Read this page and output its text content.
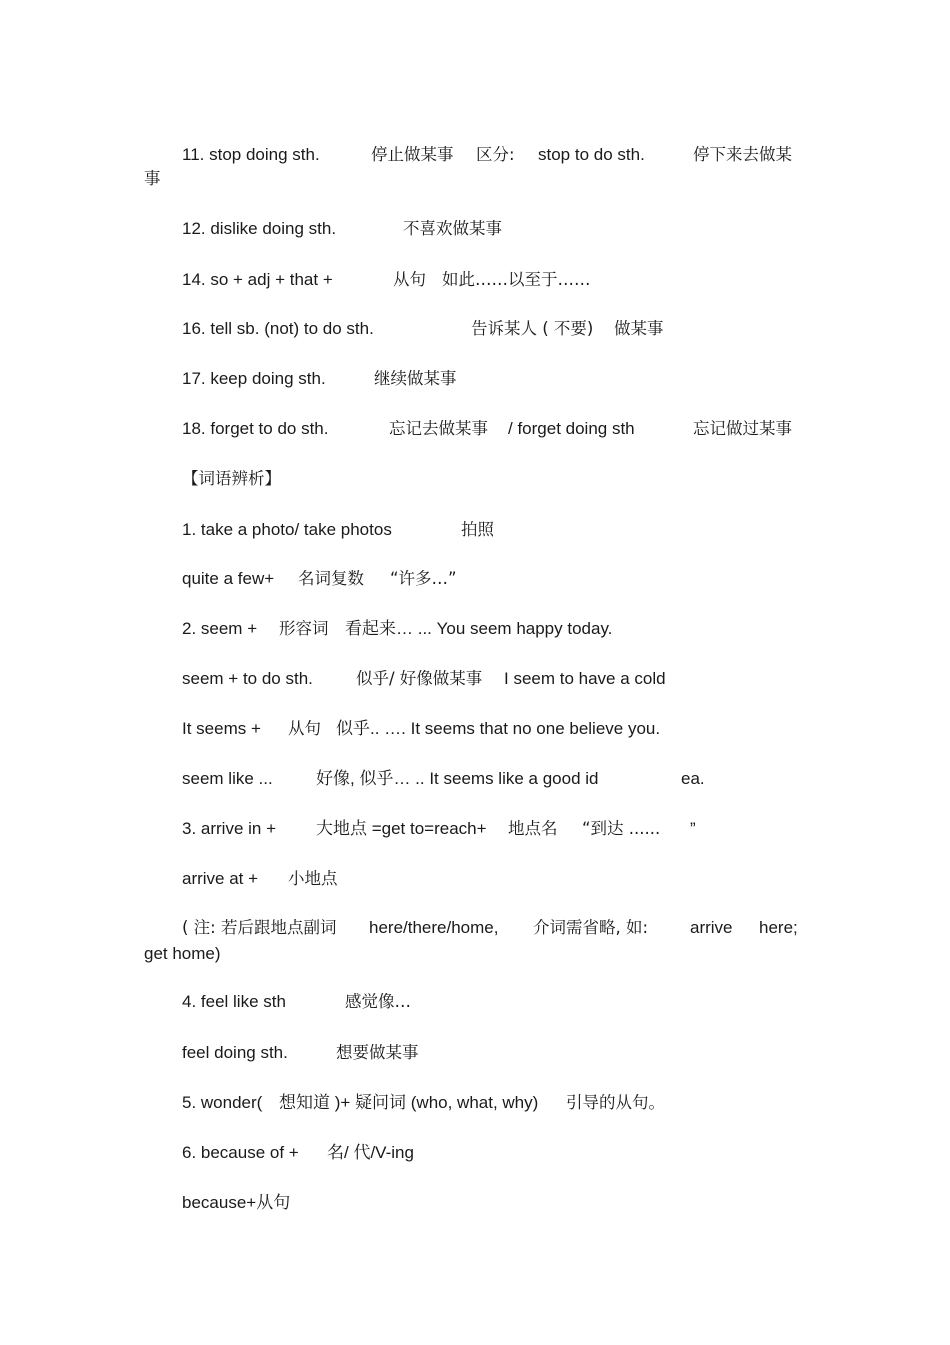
11. stop doing sth.	停止做某事 区分: stop to do sth.	停下来去做某
事
12. dislike doing sth.	不喜欢做某事
14. so + adj + that +	从句 如此……以至于……
16. tell sb. (not) to do sth.	告诉某人 ( 不要) 做某事
17. keep doing sth.	继续做某事
18. forget to do sth.	忘记去做某事 / forget doing sth	忘记做过某事
【词语辨析】
1. take a photo/ take photos	拍照
quite a few+ 名词复数 “许多…”
2. seem + 形容词 看起来… ... You seem happy today.
seem + to do sth.	似乎/ 好像做某事 I seem to have a cold
It seems + 从句 似乎.. …. It seems that no one believe you.
seem like ...	好像, 似乎… .. It seems like a good id	ea.
3. arrive in + 大地点 =get to=reach+ 地点名 “到达 ...... ”
arrive at + 小地点
( 注: 若后跟地点副词 here/there/home, 介词需省略, 如: arrive here;
get home)
4. feel like sth	感觉像…
feel doing sth.	想要做某事
5. wonder( 想知道 )+ 疑问词 (who, what, why) 引导的从句。
6. because of + 名/ 代/V-ing
because+从句
